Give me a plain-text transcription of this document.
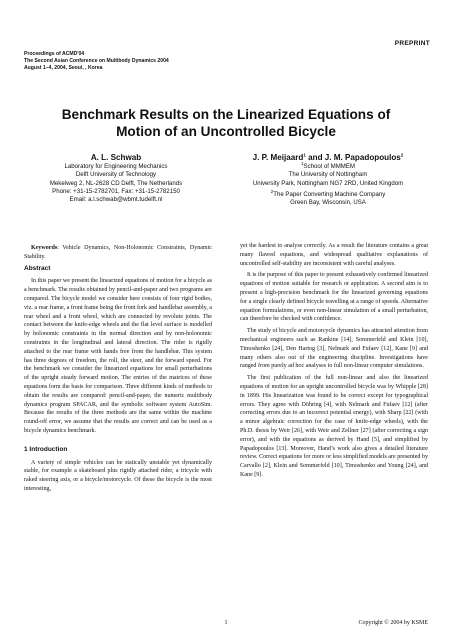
PREPRINT
Proceedings of ACMD'04
The Second Asian Conference on Multibody Dynamics 2004
August 1–4, 2004, Seoul, , Korea
Benchmark Results on the Linearized Equations of
Motion of an Uncontrolled Bicycle
A. L. Schwab
Laboratory for Engineering Mechanics
Delft University of Technology
Mekelweg 2, NL-2628 CD Delft, The Netherlands
Phone: +31-15-2782701, Fax: +31-15-2782150
Email: a.l.schwab@wbmt.tudelft.nl
J. P. Meijaard$^1$ and J. M. Papadopoulos$^2$
$^1$School of MMMEM
The University of Nottingham
University Park, Nottingham NG7 2RD, United Kingdom
$^2$The Paper Converting Machine Company
Green Bay, Wisconsin, USA

Keywords: Vehicle Dynamics, Non-Holonomic Constraints, Dynamic Stability.

Abstract

In this paper we present the linearized equations of motion for a bicycle as a benchmark. The results obtained by pencil-and-paper and two programs are compared. The bicycle model we consider here consists of four rigid bodies, viz. a rear frame, a front frame being the front fork and handlebar assembly, a rear wheel and a front wheel, which are connected by revolute joints. The contact between the knife-edge wheels and the flat level surface is modelled by holonomic constraints in the normal direction and by non-holonomic constraints in the longitudinal and lateral direction. The rider is rigidly attached to the rear frame with hands free from the handlebar. This system has three degrees of freedom, the roll, the steer, and the forward speed. For the benchmark we consider the linearized equations for small perturbations of the upright steady forward motion. The entries of the matrices of these equations form the basis for comparison. Three different kinds of methods to obtain the results are compared: pencil-and-paper, the numeric multibody dynamics program SPACAR, and the symbolic software system AutoSim. Because the results of the three methods are the same within the machine round-off error, we assume that the results are correct and can be used as a bicycle dynamics benchmark.

1 Introduction

A variety of simple vehicles can be statically unstable yet dynamically stable, for example a skateboard plus rigidly attached rider, a tricycle with raked steering axis, or a bicycle/motorcycle. Of these the bicycle is the most interesting,

yet the hardest to analyse correctly. As a result the literature contains a great many flawed equations, and widespread qualitative explanations of uncontrolled self-stability are inconsistent with careful analyses.

It is the purpose of this paper to present exhaustively confirmed linearized equations of motion suitable for research or application. A second aim is to present a high-precision benchmark for the linearized governing equations for a single clearly defined bicycle travelling at a range of speeds. Alternative equation formulations, or even non-linear simulation of a small perturbation, can therefore be checked with confidence.

The study of bicycle and motorcycle dynamics has attracted attention from mechanical engineers such as Rankine [14], Sommerfeld and Klein [10], Timoshenko [24], Den Hartog [3], Neĭmark and Fufaev [12], Kane [9] and many others also out of the engineering discipline. Investigations have ranged from purely ad hoc analyses to full non-linear computer simulations.

The first publication of the full non-linear and also the linearized equations of motion for an upright uncontrolled bicycle was by Whipple [28] in 1899. His linearization was found to be correct except for typographical errors. They agree with Döhring [4], with Neĭmark and Fufaev [12] (after correcting errors due to an incorrect potential energy), with Sharp [22] (with a minor algebraic correction for the case of knife-edge wheels), with the Ph.D. thesis by Weir [26], with Weir and Zellner [27] (after correcting a sign error), and with the equations as derived by Hand [5], and simplified by Papadopoulos [13]. Moreover, Hand’s work also gives a detailed literature review. Correct equations for more or less simplified models are presented by Carvallo [2], Klein and Sommerfeld [10], Timoshenko and Young [24], and Kane [9].

1	Copyright © 2004 by KSME
